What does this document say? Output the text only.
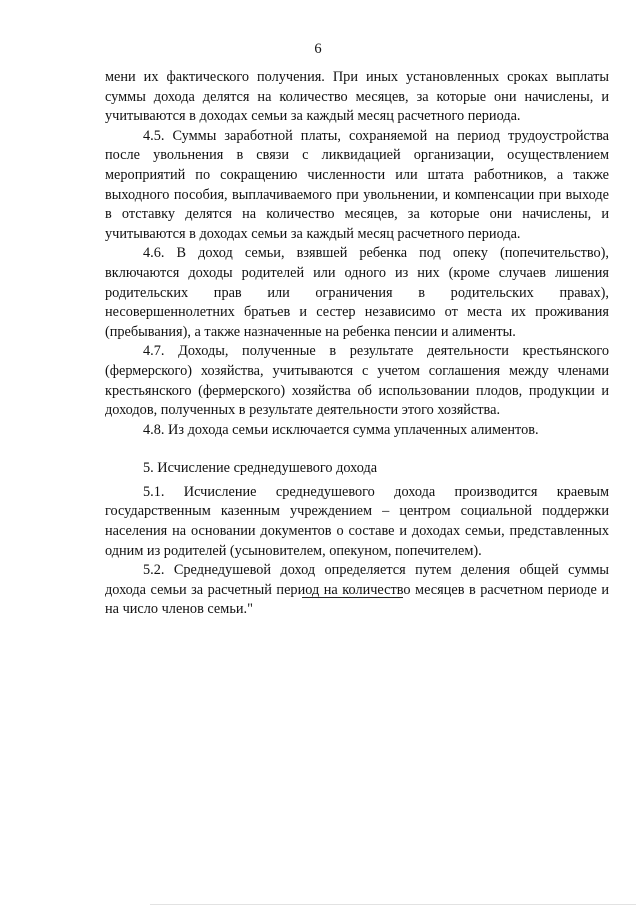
6

мени их фактического получения. При иных установленных сроках выплаты суммы дохода делятся на количество месяцев, за которые они начислены, и учитываются в доходах семьи за каждый месяц расчетного периода.

4.5. Суммы заработной платы, сохраняемой на период трудоустройства после увольнения в связи с ликвидацией организации, осуществлением мероприятий по сокращению численности или штата работников, а также выходного пособия, выплачиваемого при увольнении, и компенсации при выходе в отставку делятся на количество месяцев, за которые они начислены, и учитываются в доходах семьи за каждый месяц расчетного периода.

4.6. В доход семьи, взявшей ребенка под опеку (попечительство), включаются доходы родителей или одного из них (кроме случаев лишения родительских прав или ограничения в родительских правах), несовершеннолетних братьев и сестер независимо от места их проживания (пребывания), а также назначенные на ребенка пенсии и алименты.

4.7. Доходы, полученные в результате деятельности крестьянского (фермерского) хозяйства, учитываются с учетом соглашения между членами крестьянского (фермерского) хозяйства об использовании плодов, продукции и доходов, полученных в результате деятельности этого хозяйства.

4.8. Из дохода семьи исключается сумма уплаченных алиментов.

5. Исчисление среднедушевого дохода

5.1. Исчисление среднедушевого дохода производится краевым государственным казенным учреждением – центром социальной поддержки населения на основании документов о составе и доходах семьи, представленных одним из родителей (усыновителем, опекуном, попечителем).

5.2. Среднедушевой доход определяется путем деления общей суммы дохода семьи за расчетный период на количество месяцев в расчетном периоде и на число членов семьи."
